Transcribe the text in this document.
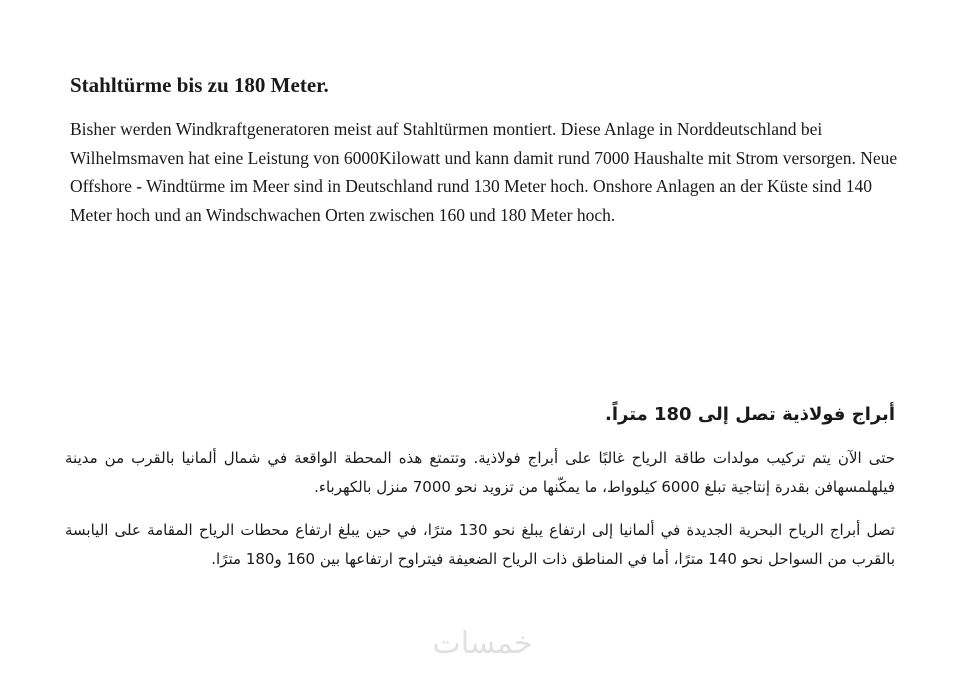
Stahltürme bis zu 180 Meter.

Bisher werden Windkraftgeneratoren meist auf Stahltürmen montiert. Diese Anlage in Norddeutschland bei Wilhelmsmaven hat eine Leistung von 6000Kilowatt und kann damit rund 7000 Haushalte mit Strom versorgen. Neue Offshore - Windtürme im Meer sind in Deutschland rund 130 Meter hoch. Onshore Anlagen an der Küste sind 140 Meter hoch und an Windschwachen Orten zwischen 160 und 180 Meter hoch.

أبراج فولاذية تصل إلى 180 متراً.

حتى الآن يتم تركيب مولدات طاقة الرياح غالبًا على أبراج فولاذية. وتتمتع هذه المحطة الواقعة في شمال ألمانيا بالقرب من مدينة فيلهلمسهافن بقدرة إنتاجية تبلغ 6000 كيلوواط، ما يمكّنها من تزويد نحو 7000 منزل بالكهرباء.

تصل أبراج الرياح البحرية الجديدة في ألمانيا إلى ارتفاع يبلغ نحو 130 مترًا، في حين يبلغ ارتفاع محطات الرياح المقامة على اليابسة بالقرب من السواحل نحو 140 مترًا، أما في المناطق ذات الرياح الضعيفة فيتراوح ارتفاعها بين 160 و180 مترًا.

خمسات
